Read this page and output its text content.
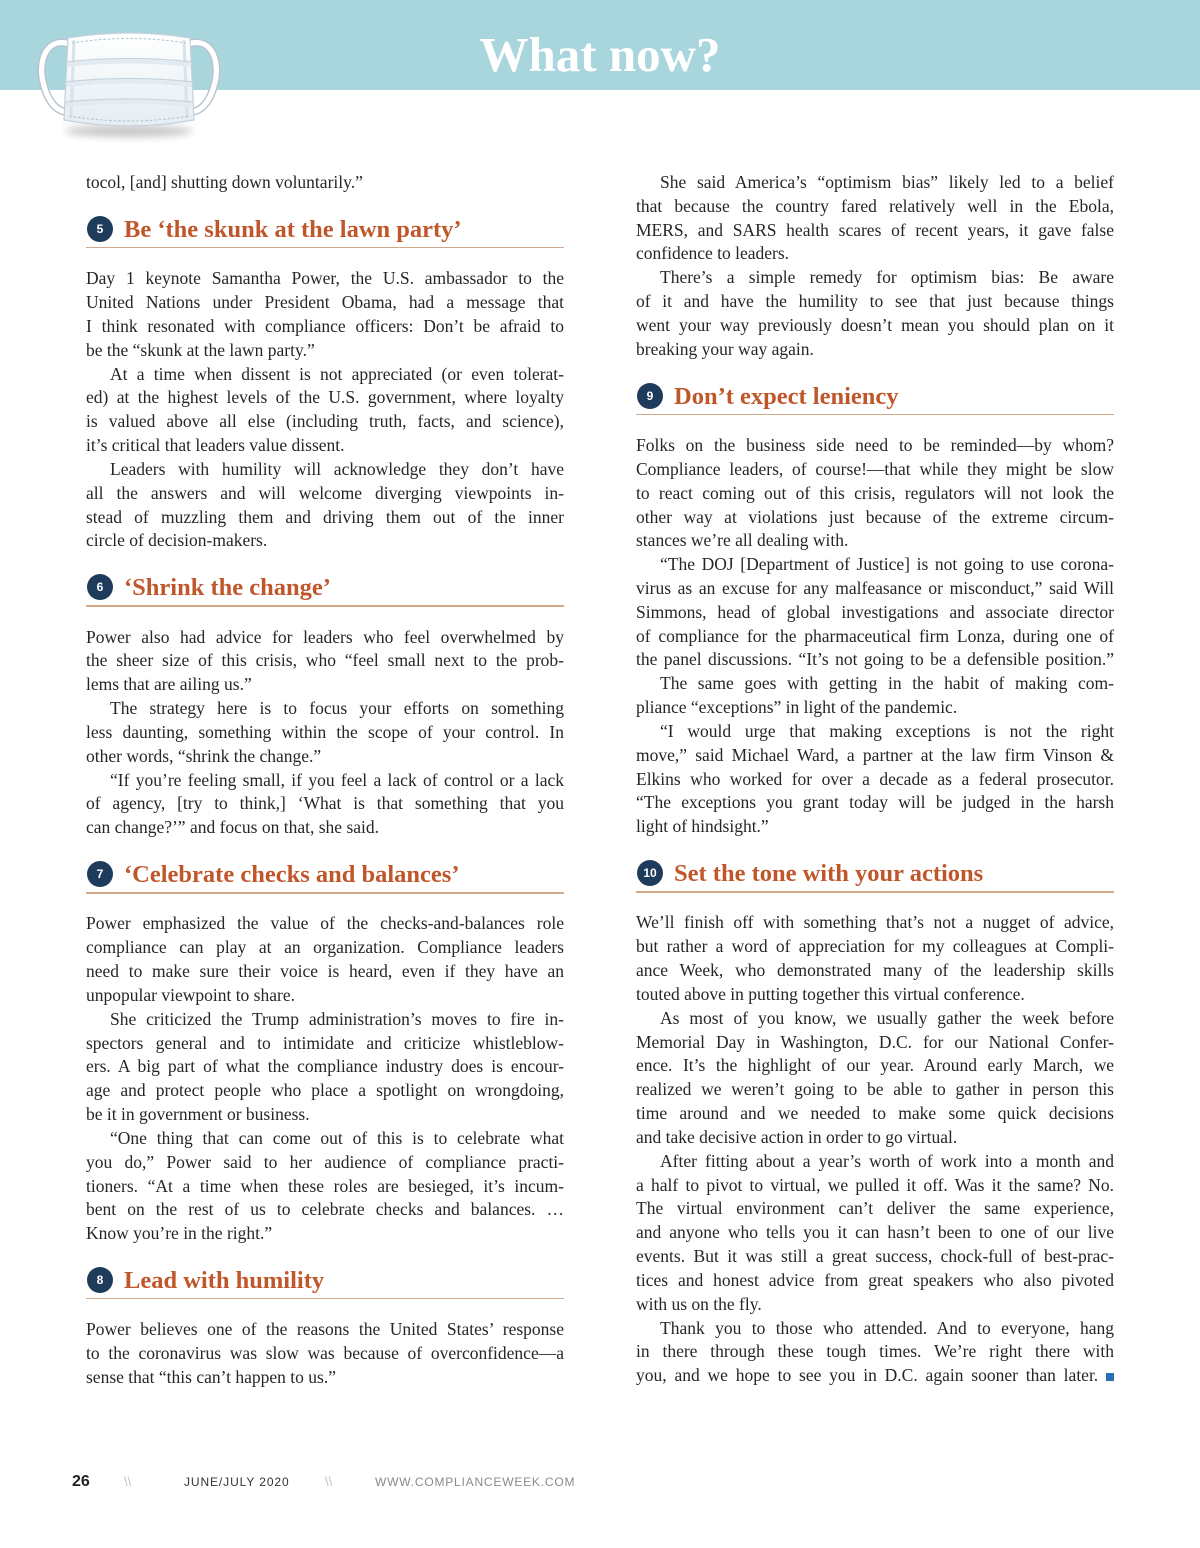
What now?
tocol, [and] shutting down voluntarily.”
5 Be ‘the skunk at the lawn party’
Day 1 keynote Samantha Power, the U.S. ambassador to the
United Nations under President Obama, had a message that
I think resonated with compliance officers: Don’t be afraid to
be the “skunk at the lawn party.”
At a time when dissent is not appreciated (or even tolerat-
ed) at the highest levels of the U.S. government, where loyalty
is valued above all else (including truth, facts, and science),
it’s critical that leaders value dissent.
Leaders with humility will acknowledge they don’t have
all the answers and will welcome diverging viewpoints in-
stead of muzzling them and driving them out of the inner
circle of decision-makers.
6 ‘Shrink the change’
Power also had advice for leaders who feel overwhelmed by
the sheer size of this crisis, who “feel small next to the prob-
lems that are ailing us.”
The strategy here is to focus your efforts on something
less daunting, something within the scope of your control. In
other words, “shrink the change.”
“If you’re feeling small, if you feel a lack of control or a lack
of agency, [try to think,] ‘What is that something that you
can change?’” and focus on that, she said.
7 ‘Celebrate checks and balances’
Power emphasized the value of the checks-and-balances role
compliance can play at an organization. Compliance leaders
need to make sure their voice is heard, even if they have an
unpopular viewpoint to share.
She criticized the Trump administration’s moves to fire in-
spectors general and to intimidate and criticize whistleblow-
ers. A big part of what the compliance industry does is encour-
age and protect people who place a spotlight on wrongdoing,
be it in government or business.
“One thing that can come out of this is to celebrate what
you do,” Power said to her audience of compliance practi-
tioners. “At a time when these roles are besieged, it’s incum-
bent on the rest of us to celebrate checks and balances. …
Know you’re in the right.”
8 Lead with humility
Power believes one of the reasons the United States’ response
to the coronavirus was slow was because of overconfidence—a
sense that “this can’t happen to us.”
She said America’s “optimism bias” likely led to a belief
that because the country fared relatively well in the Ebola,
MERS, and SARS health scares of recent years, it gave false
confidence to leaders.
There’s a simple remedy for optimism bias: Be aware
of it and have the humility to see that just because things
went your way previously doesn’t mean you should plan on it
breaking your way again.
9 Don’t expect leniency
Folks on the business side need to be reminded—by whom?
Compliance leaders, of course!—that while they might be slow
to react coming out of this crisis, regulators will not look the
other way at violations just because of the extreme circum-
stances we’re all dealing with.
“The DOJ [Department of Justice] is not going to use corona-
virus as an excuse for any malfeasance or misconduct,” said Will
Simmons, head of global investigations and associate director
of compliance for the pharmaceutical firm Lonza, during one of
the panel discussions. “It’s not going to be a defensible position.”
The same goes with getting in the habit of making com-
pliance “exceptions” in light of the pandemic.
“I would urge that making exceptions is not the right
move,” said Michael Ward, a partner at the law firm Vinson &
Elkins who worked for over a decade as a federal prosecutor.
“The exceptions you grant today will be judged in the harsh
light of hindsight.”
10 Set the tone with your actions
We’ll finish off with something that’s not a nugget of advice,
but rather a word of appreciation for my colleagues at Compli-
ance Week, who demonstrated many of the leadership skills
touted above in putting together this virtual conference.
As most of you know, we usually gather the week before
Memorial Day in Washington, D.C. for our National Confer-
ence. It’s the highlight of our year. Around early March, we
realized we weren’t going to be able to gather in person this
time around and we needed to make some quick decisions
and take decisive action in order to go virtual.
After fitting about a year’s worth of work into a month and
a half to pivot to virtual, we pulled it off. Was it the same? No.
The virtual environment can’t deliver the same experience,
and anyone who tells you it can hasn’t been to one of our live
events. But it was still a great success, chock-full of best-prac-
tices and honest advice from great speakers who also pivoted
with us on the fly.
Thank you to those who attended. And to everyone, hang
in there through these tough times. We’re right there with
you, and we hope to see you in D.C. again sooner than later.
26	\\	JUNE/JULY 2020	\\	WWW.COMPLIANCEWEEK.COM
